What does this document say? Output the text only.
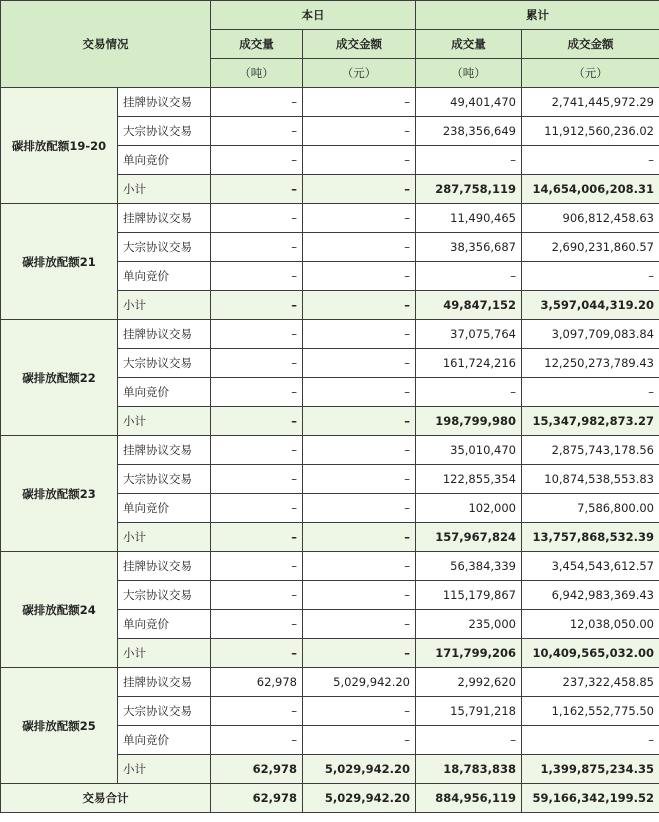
交易情况		本日		累计	
		成交量	成交金额	成交量	成交金额
		（吨）	（元）	（吨）	（元）
碳排放配额19-20	挂牌协议交易	–	–	49,401,470	2,741,445,972.29
	大宗协议交易	–	–	238,356,649	11,912,560,236.02
	单向竞价	–	–	–	–
	小计	–	–	287,758,119	14,654,006,208.31
碳排放配额21	挂牌协议交易	–	–	11,490,465	906,812,458.63
	大宗协议交易	–	–	38,356,687	2,690,231,860.57
	单向竞价	–	–	–	–
	小计	–	–	49,847,152	3,597,044,319.20
碳排放配额22	挂牌协议交易	–	–	37,075,764	3,097,709,083.84
	大宗协议交易	–	–	161,724,216	12,250,273,789.43
	单向竞价	–	–	–	–
	小计	–	–	198,799,980	15,347,982,873.27
碳排放配额23	挂牌协议交易	–	–	35,010,470	2,875,743,178.56
	大宗协议交易	–	–	122,855,354	10,874,538,553.83
	单向竞价	–	–	102,000	7,586,800.00
	小计	–	–	157,967,824	13,757,868,532.39
碳排放配额24	挂牌协议交易	–	–	56,384,339	3,454,543,612.57
	大宗协议交易	–	–	115,179,867	6,942,983,369.43
	单向竞价	–	–	235,000	12,038,050.00
	小计	–	–	171,799,206	10,409,565,032.00
碳排放配额25	挂牌协议交易	62,978	5,029,942.20	2,992,620	237,322,458.85
	大宗协议交易	–	–	15,791,218	1,162,552,775.50
	单向竞价	–	–	–	–
	小计	62,978	5,029,942.20	18,783,838	1,399,875,234.35
交易合计		62,978	5,029,942.20	884,956,119	59,166,342,199.52
